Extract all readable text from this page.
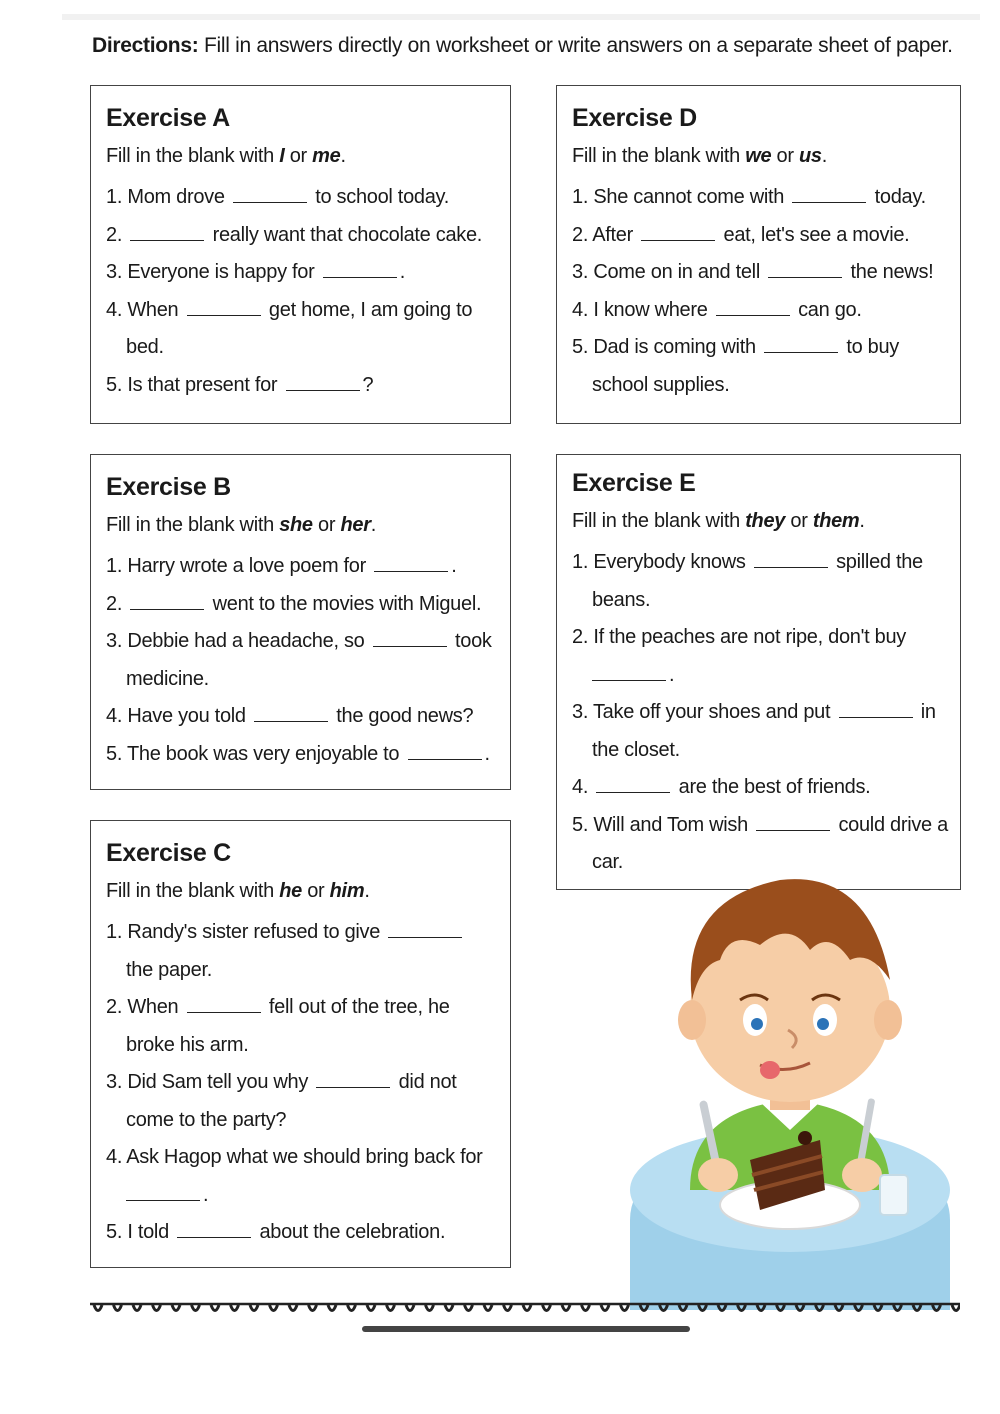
Directions: Fill in answers directly on worksheet or write answers on a separate sheet of paper.
Exercise A
Fill in the blank with I or me.
1. Mom drove	to school today.
2.	really want that chocolate cake.
3. Everyone is happy for	.
4. When	get home, I am going to
bed.
5. Is that present for	?
Exercise D
Fill in the blank with we or us.
1. She cannot come with	today.
2. After	eat, let's see a movie.
3. Come on in and tell	the news!
4. I know where	can go.
5. Dad is coming with	to buy
school supplies.
Exercise B
Fill in the blank with she or her.
1. Harry wrote a love poem for	.
2.	went to the movies with Miguel.
3. Debbie had a headache, so	took
medicine.
4. Have you told	the good news?
5. The book was very enjoyable to	.
Exercise E
Fill in the blank with they or them.
1. Everybody knows	spilled the
beans.
2. If the peaches are not ripe, don't buy
.
3. Take off your shoes and put	in
the closet.
4.	are the best of friends.
5. Will and Tom wish	could drive a
car.
Exercise C
Fill in the blank with he or him.
1. Randy's sister refused to give
the paper.
2. When	fell out of the tree, he
broke his arm.
3. Did Sam tell you why	did not
come to the party?
4. Ask Hagop what we should bring back for
.
5. I told	about the celebration.
